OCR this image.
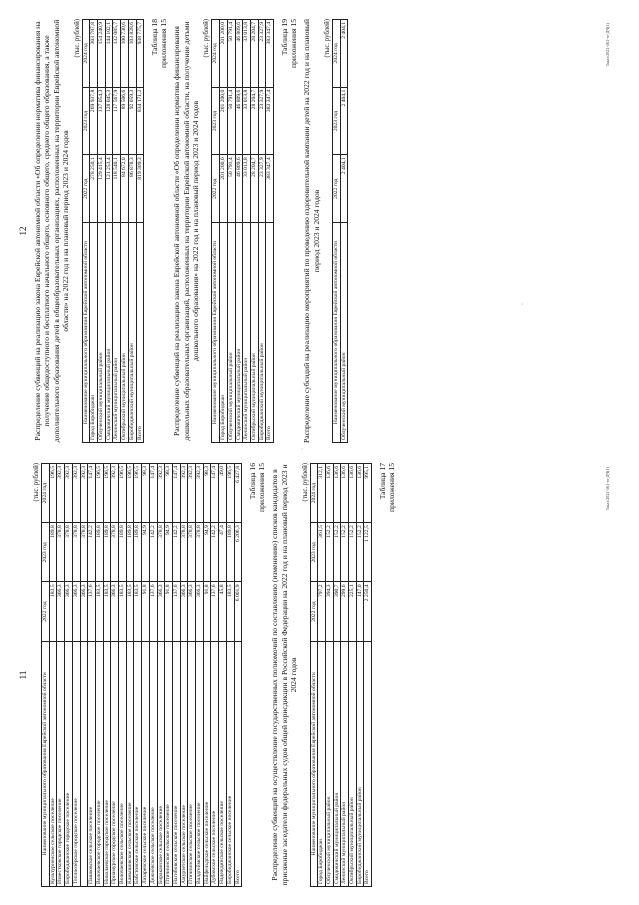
11
(тыс. рублей)
Наименование муниципального образования Еврейской автономной области	2022 год	2023 год	2024 год
Культурненское сельское поселение	183,5	189,8	196,5
Известковское городское поселение	366,3	378,8	392,3
Биробиджанское городское поселение	366,3	378,8	392,3
Теплоозёрское городское поселение	366,3	378,8	392,3
	366,3	378,8	392,3
Пашковское сельское поселение	137,6	142,2	147,4
Волочаевское городское поселение	183,5	189,8	196,5
Николаевское городское поселение	183,5	189,8	196,5
Приамурское городское поселение	366,3	378,8	392,3
Волочаевское сельское поселение	183,5	189,8	196,5
Камышовское сельское поселение	183,5	189,8	196,5
Бабстовское сельское поселение	183,5	189,8	196,5
Лазаревское сельское поселение	91,8	94,9	98,3
Дежнёвское сельское поселение	137,6	142,2	147,4
Бираканское сельское поселение	366,3	378,8	392,3
Птичнинское сельское поселение	91,8	94,9	98,3
Нагибовское сельское поселение	137,6	142,2	147,4
Амурзетское сельское поселение	366,3	378,8	392,3
Птичнинское сельское поселение	366,3	378,8	392,3
Валдгеймское сельское поселение	366,3	378,8	392,3
Найфельдское сельское поселение	91,8	94,9	98,3
Дубовское сельское поселение	137,6	142,2	147,4
Надеждинское сельское поселение	45,8	47,4	49,0
Биробиджанское сельское поселение	183,5	189,8	196,5
Всего	6 001,9	6 206,3	6 427,8 Таблица 16 приложения 15 Распределение субвенций на осуществление государственных полномочий по составлению (изменению) списков кандидатов в присяжные заседатели федеральных судов общей юрисдикции в Российской Федерации на 2022 год и на плановый период 2023 и 2024 годов
(тыс. рублей)
Наименование муниципального образования Еврейской автономной области	2022 год	2023 год	2024 год
Город Биробиджан	797,2	361,5	312,1
Облученский муниципальный район	394,3	152,2	136,6
Смидовичский муниципальный район	390,7	152,2	136,6
Ленинский муниципальный район	299,6	152,2	136,6
Октябрьский муниципальный район	225,1	152,2	136,6
Биробиджанский муниципальный район	147,0	152,2	136,6
Всего	2 250,4	1 122,5	995,1 Таблица 17 приложения 15	Заказ/2021-561-rn-ДЧ(1)
12 Распределение субвенций на реализацию закона Еврейской автономной области «Об определении норматива финансирования на получение общедоступного и бесплатного начального общего, основного общего, среднего общего образования, а также дополнительного образования детей в общеобразовательных организациях, расположенных на территории Еврейской автономной области» на 2022 год и на плановый период 2023 и 2024 годов
(тыс. рублей)
Наименование муниципального образования Еврейской автономной области	2022 год	2023 год	2024 год
Город Биробиджан	278 250,1	269 937,8	303 787,8
Облученский муниципальный район	129 415,4	137 054,3	154 240,9
Смидовичский муниципальный район	121 253,4	128 045,3	144 102,1
Ленинский муниципальный район	118 540,1	117 567,9	132 085,7
Октябрьский муниципальный район	84 672,0	89 506,6	100 730,6
Биробиджанский муниципальный район	86 878,3	92 059,3	103 828,6
Всего	819 309,3	834 171,2	938 775,7 Таблица 18 приложения 15 Распределение субвенций на реализацию закона Еврейской автономной области «Об определении норматива финансирования дошкольных образовательных организаций, расположенных на территории Еврейской автономной области, на получение детьми дошкольного образования» на 2022 год и на плановый период 2023 и 2024 годов
(тыс. рублей)
Наименование муниципального образования Еврейской автономной области	2022 год	2023 год	2024 год
Город Биробиджан	201 200,0	201 200,0	201 200,0
Облученский муниципальный район	50 791,4	50 791,4	50 791,4
Смидовичский муниципальный район	46 809,6	46 809,6	46 809,6
Ленинский муниципальный район	33 013,8	33 013,8	33 013,8
Октябрьский муниципальный район	28 204,7	28 204,7	28 204,7
Биробиджанский муниципальный район	23 327,9	23 327,9	23 327,9
Всего	383 347,4	383 347,4	383 347,4 Таблица 19 приложения 15 Распределение субсидий на реализацию мероприятий по проведению оздоровительной кампании детей на 2022 год и на плановый период 2023 и 2024 годов
(тыс. рублей)
Наименование муниципального образования Еврейской автономной области	2022 год	2023 год	2024 год
Облученский муниципальный район	2 404,1	2 404,1	2 404,1	Заказ/2021-561-rn-ДЧ(1)
·
·
